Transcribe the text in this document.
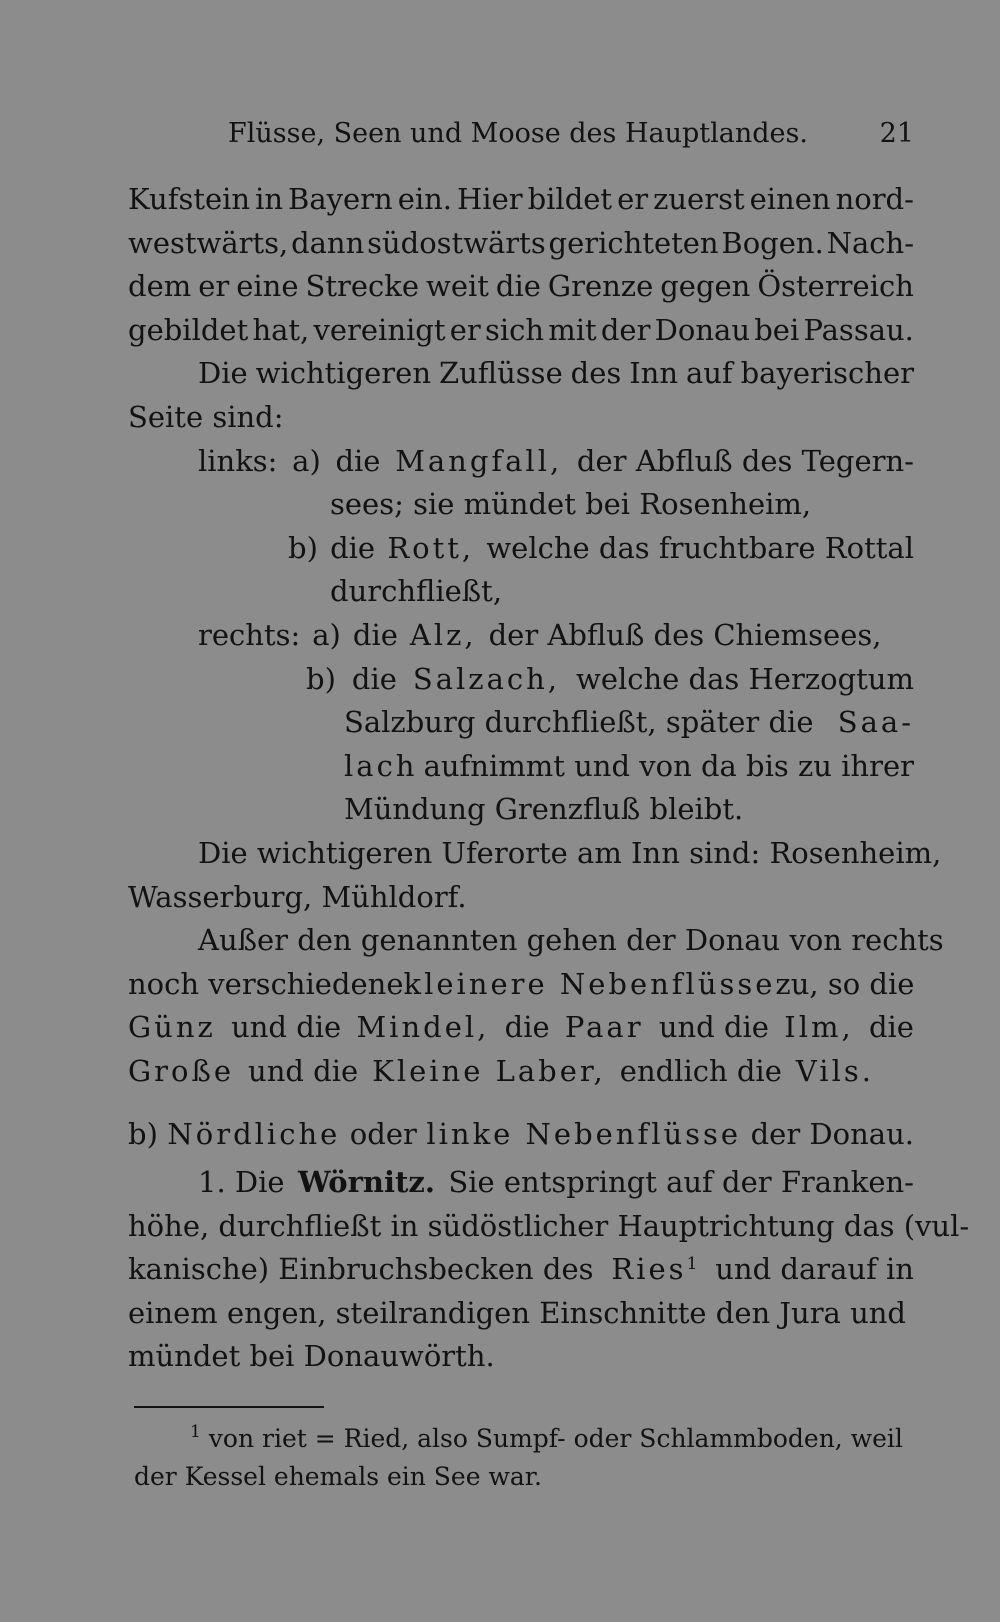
Flüsse, Seen und Moose des Hauptlandes.	21
Kufstein in Bayern ein. Hier bildet er zuerst einen nord-
westwärts, dann südostwärts gerichteten Bogen. Nach-
dem er eine Strecke weit die Grenze gegen Österreich
gebildet hat, vereinigt er sich mit der Donau bei Passau.
Die wichtigeren Zuflüsse des Inn auf bayerischer
Seite sind:
links: a) die Mangfall, der Abfluß des Tegern-
sees; sie mündet bei Rosenheim,
b) die Rott, welche das fruchtbare Rottal
durchfließt,
rechts: a) die Alz, der Abfluß des Chiemsees,
b) die Salzach, welche das Herzogtum
Salzburg durchfließt, später die Saa-
lach aufnimmt und von da bis zu ihrer
Mündung Grenzfluß bleibt.
Die wichtigeren Uferorte am Inn sind: Rosenheim,
Wasserburg, Mühldorf.
Außer den genannten gehen der Donau von rechts
noch verschiedene kleinere Nebenflüsse zu, so die
Günz und die Mindel, die Paar und die Ilm, die
Große und die Kleine Laber, endlich die Vils.
b) Nördliche oder linke Nebenflüsse der Donau.
1. Die Wörnitz. Sie entspringt auf der Franken-
höhe, durchfließt in südöstlicher Hauptrichtung das (vul-
kanische) Einbruchsbecken des Ries$^1$ und darauf in
einem engen, steilrandigen Einschnitte den Jura und
mündet bei Donauwörth.
$^1$ von riet = Ried, also Sumpf- oder Schlammboden, weil
der Kessel ehemals ein See war.
